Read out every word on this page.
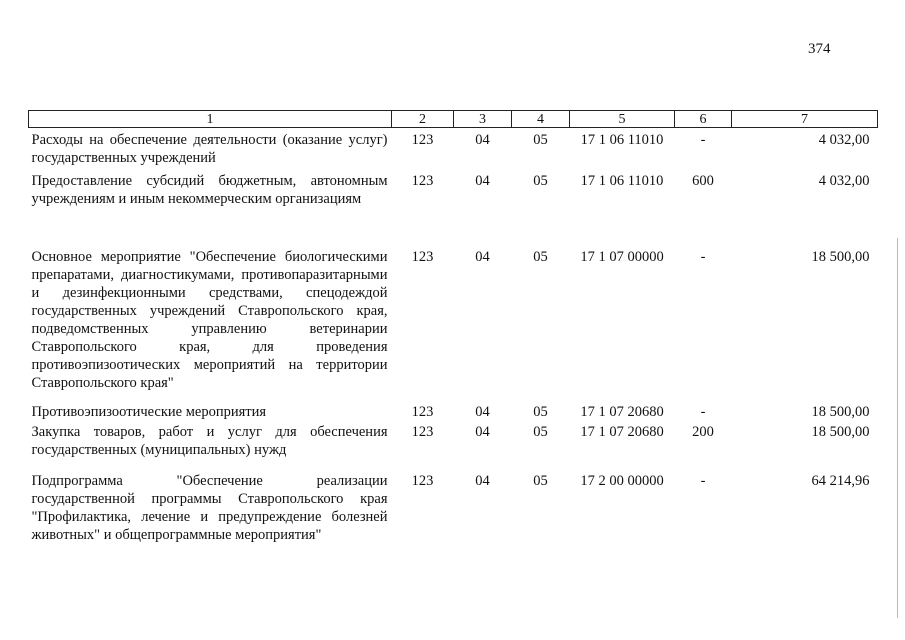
374
1	2	3	4	5	6	7
Расходы на обеспечение деятельности (оказание услуг) государственных учреждений	123	04	05	17 1 06 11010	-	4 032,00
Предоставление субсидий бюджетным, автономным учреждениям и иным некоммерческим организациям	123	04	05	17 1 06 11010	600	4 032,00
Основное мероприятие "Обеспечение биологическими препаратами, диагностикумами, противопаразитарными и дезинфекционными средствами, спецодеждой государственных учреждений Ставропольского края, подведомственных управлению ветеринарии Ставропольского края, для проведения противоэпизоотических мероприятий на территории Ставропольского края"	123	04	05	17 1 07 00000	-	18 500,00
Противоэпизоотические мероприятия	123	04	05	17 1 07 20680	-	18 500,00
Закупка товаров, работ и услуг для обеспечения государственных (муниципальных) нужд	123	04	05	17 1 07 20680	200	18 500,00
Подпрограмма "Обеспечение реализации государственной программы Ставропольского края "Профилактика, лечение и предупреждение болезней животных" и общепрограммные мероприятия"	123	04	05	17 2 00 00000	-	64 214,96
